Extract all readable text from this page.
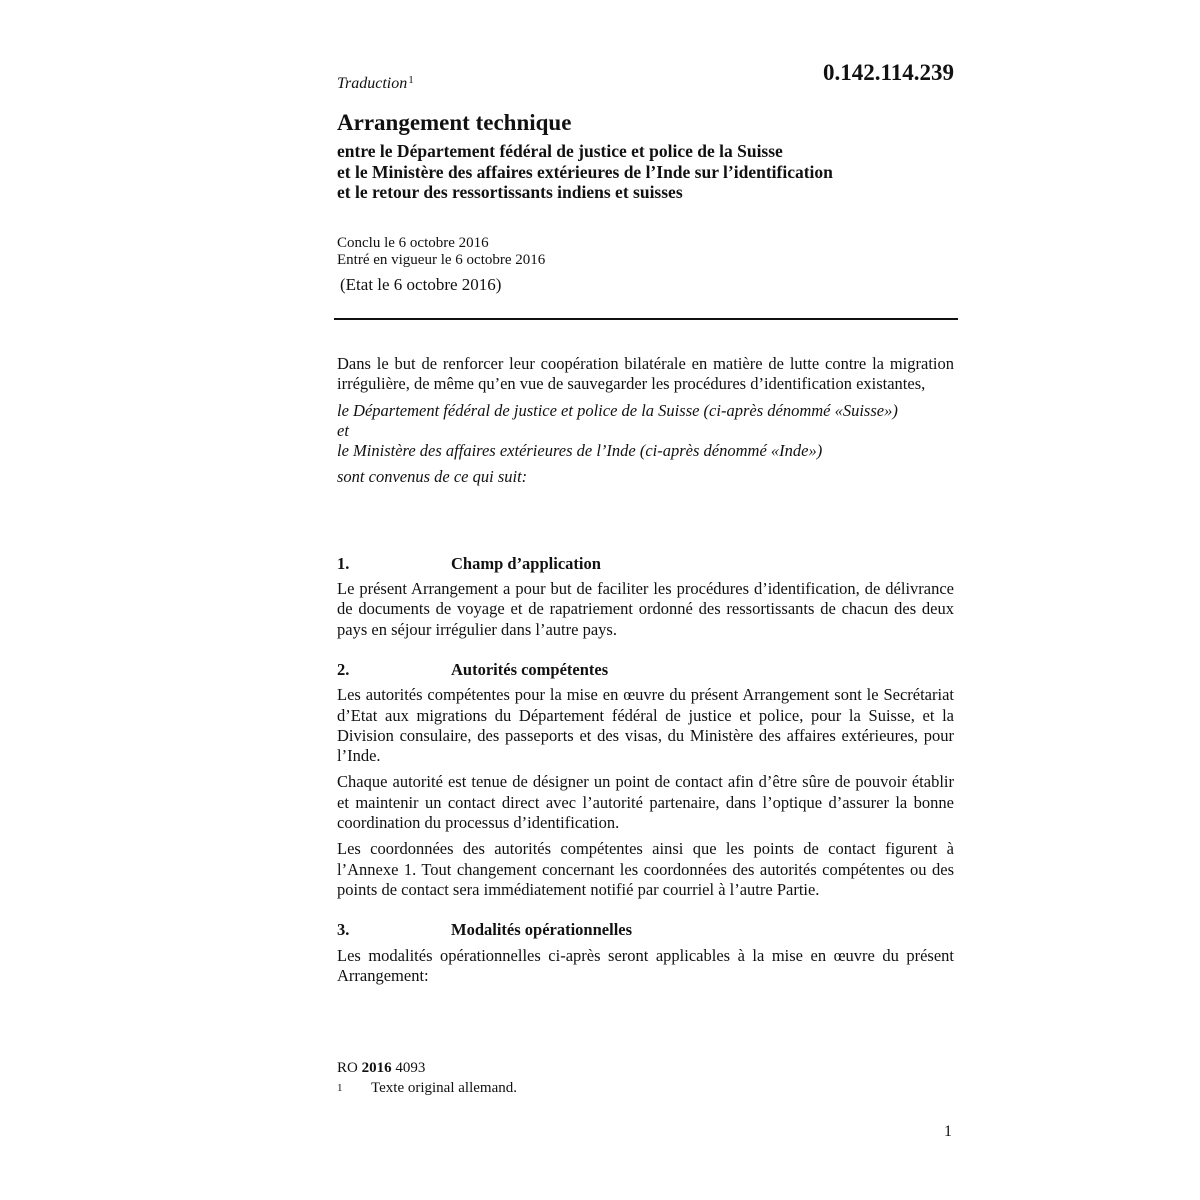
Traduction$^1$	0.142.114.239
Arrangement technique
entre le Département fédéral de justice et police de la Suisse
et le Ministère des affaires extérieures de l’Inde sur l’identification
et le retour des ressortissants indiens et suisses
Conclu le 6 octobre 2016
Entré en vigueur le 6 octobre 2016
(Etat le 6 octobre 2016)

Dans le but de renforcer leur coopération bilatérale en matière de lutte contre la migration irrégulière, de même qu’en vue de sauvegarder les procédures d’identification existantes,

le Département fédéral de justice et police de la Suisse (ci-après dénommé «Suisse»)

et
le Ministère des affaires extérieures de l’Inde (ci-après dénommé «Inde»)
sont convenus de ce qui suit:
1.	Champ d’application

Le présent Arrangement a pour but de faciliter les procédures d’identification, de délivrance de documents de voyage et de rapatriement ordonné des ressortissants de chacun des deux pays en séjour irrégulier dans l’autre pays.

2.	Autorités compétentes

Les autorités compétentes pour la mise en œuvre du présent Arrangement sont le Secrétariat d’Etat aux migrations du Département fédéral de justice et police, pour la Suisse, et la Division consulaire, des passeports et des visas, du Ministère des affaires extérieures, pour l’Inde.

Chaque autorité est tenue de désigner un point de contact afin d’être sûre de pouvoir établir et maintenir un contact direct avec l’autorité partenaire, dans l’optique d’assurer la bonne coordination du processus d’identification.

Les coordonnées des autorités compétentes ainsi que les points de contact figurent à l’Annexe 1. Tout changement concernant les coordonnées des autorités compétentes ou des points de contact sera immédiatement notifié par courriel à l’autre Partie.

3.	Modalités opérationnelles

Les modalités opérationnelles ci-après seront applicables à la mise en œuvre du présent Arrangement:

RO 2016 4093
1	Texte original allemand.
1
